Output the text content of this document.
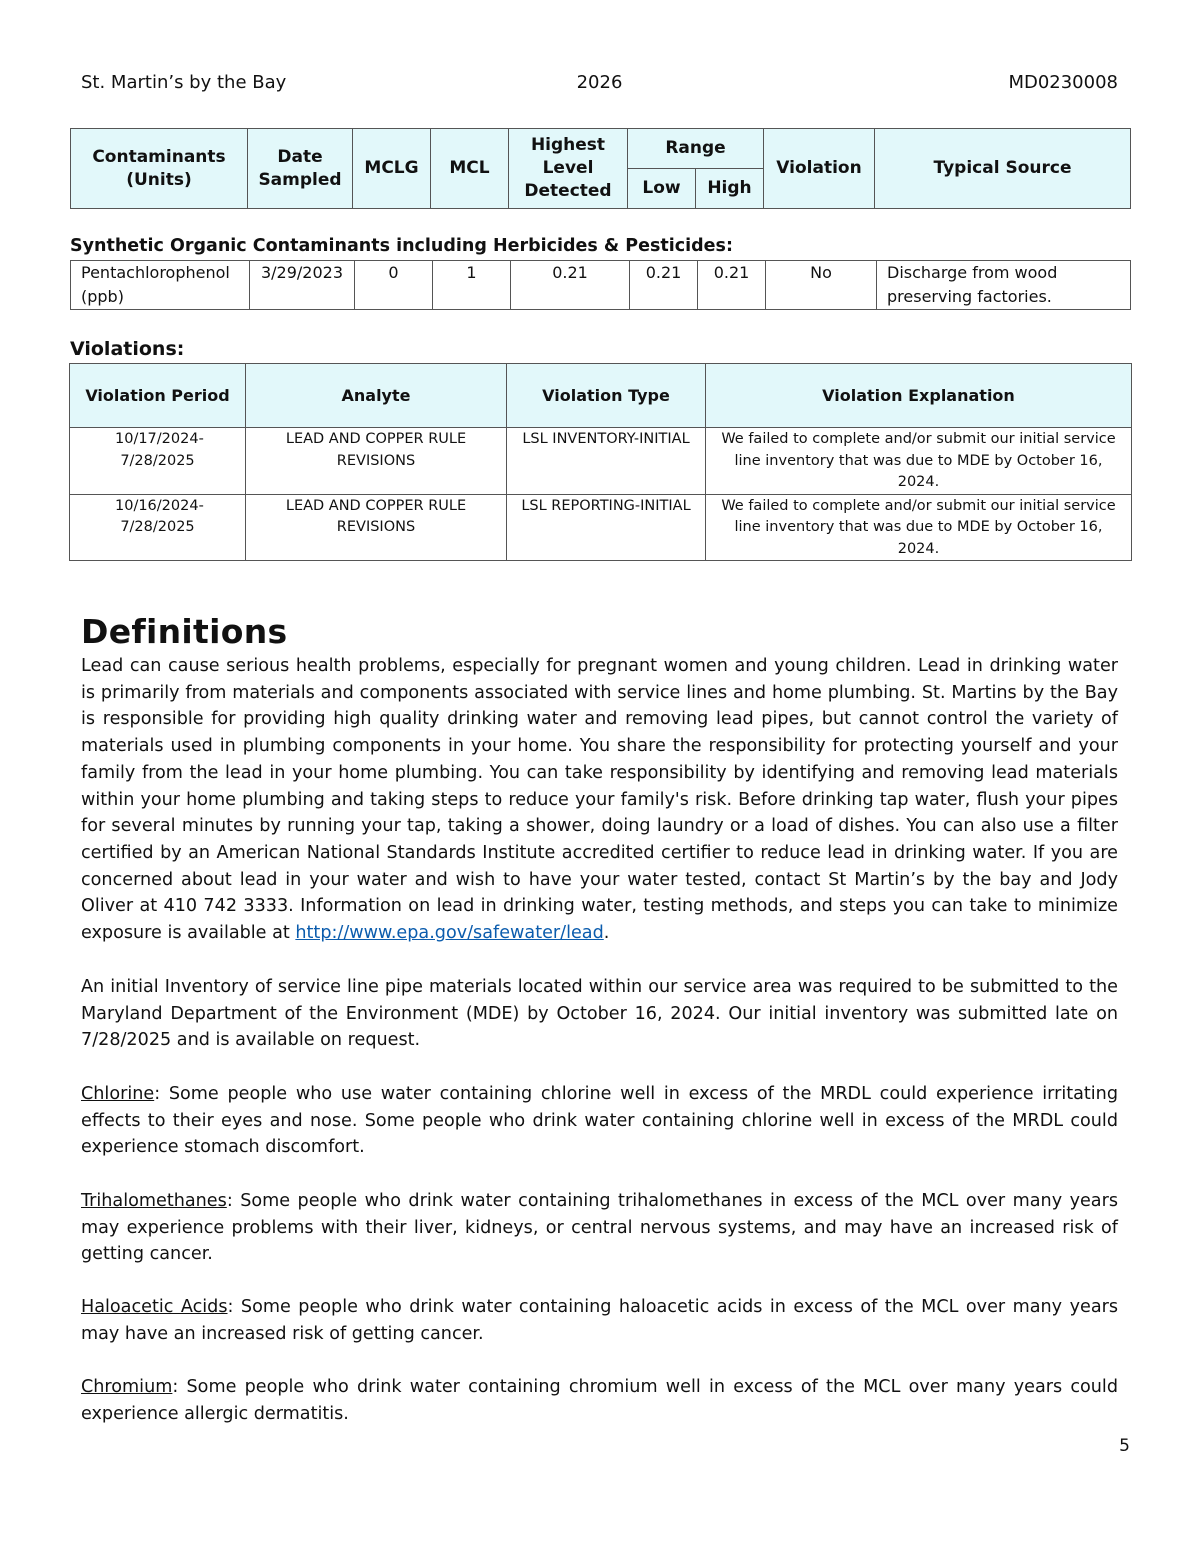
St. Martin’s by the Bay	2026	MD0230008
Contaminants (Units)	Date Sampled	MCLG	MCL	Highest Level Detected	Range		Violation	Typical Source
					Low	High		
Synthetic Organic Contaminants including Herbicides & Pesticides:
Pentachlorophenol (ppb)	3/29/2023	0	1	0.21	0.21	0.21	No	Discharge from wood preserving factories.
Violations:
Violation Period	Analyte	Violation Type	Violation Explanation
10/17/2024-7/28/2025	LEAD AND COPPER RULE REVISIONS	LSL INVENTORY-INITIAL	We failed to complete and/or submit our initial service line inventory that was due to MDE by October 16, 2024.
10/16/2024-7/28/2025	LEAD AND COPPER RULE REVISIONS	LSL REPORTING-INITIAL	We failed to complete and/or submit our initial service line inventory that was due to MDE by October 16, 2024.
Definitions

Lead can cause serious health problems, especially for pregnant women and young children. Lead in drinking water is primarily from materials and components associated with service lines and home plumbing. St. Martins by the Bay is responsible for providing high quality drinking water and removing lead pipes, but cannot control the variety of materials used in plumbing components in your home. You share the responsibility for protecting yourself and your family from the lead in your home plumbing. You can take responsibility by identifying and removing lead materials within your home plumbing and taking steps to reduce your family's risk. Before drinking tap water, flush your pipes for several minutes by running your tap, taking a shower, doing laundry or a load of dishes. You can also use a filter certified by an American National Standards Institute accredited certifier to reduce lead in drinking water. If you are concerned about lead in your water and wish to have your water tested, contact St Martin’s by the bay and Jody Oliver at 410 742 3333. Information on lead in drinking water, testing methods, and steps you can take to minimize exposure is available at http://www.epa.gov/safewater/lead.

An initial Inventory of service line pipe materials located within our service area was required to be submitted to the Maryland Department of the Environment (MDE) by October 16, 2024. Our initial inventory was submitted late on 7/28/2025 and is available on request.

Chlorine: Some people who use water containing chlorine well in excess of the MRDL could experience irritating effects to their eyes and nose. Some people who drink water containing chlorine well in excess of the MRDL could experience stomach discomfort.

Trihalomethanes: Some people who drink water containing trihalomethanes in excess of the MCL over many years may experience problems with their liver, kidneys, or central nervous systems, and may have an increased risk of getting cancer.

Haloacetic Acids: Some people who drink water containing haloacetic acids in excess of the MCL over many years may have an increased risk of getting cancer.

Chromium: Some people who drink water containing chromium well in excess of the MCL over many years could experience allergic dermatitis.

5
